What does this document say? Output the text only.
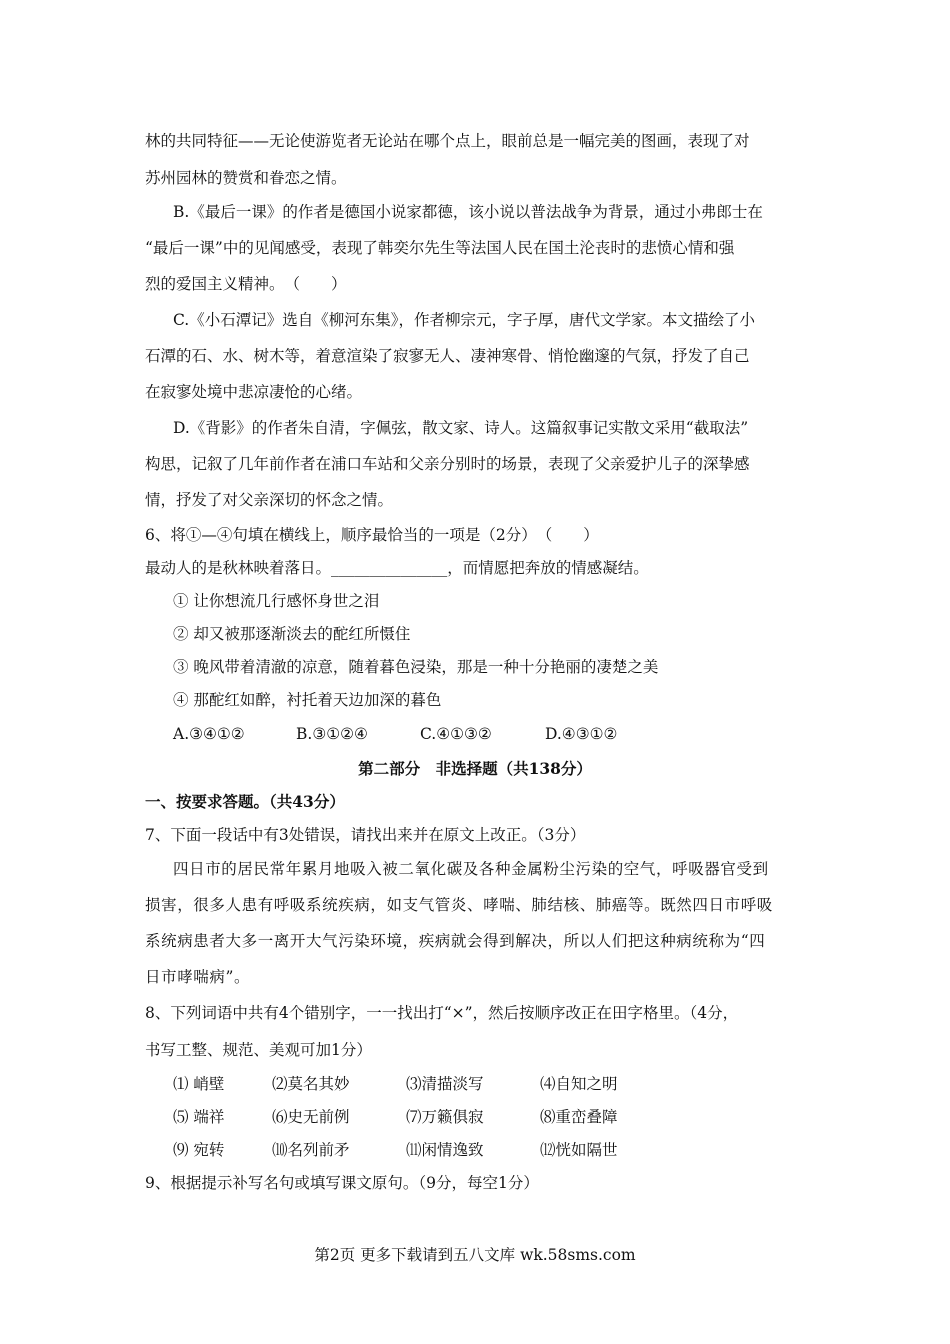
林的共同特征——无论使游览者无论站在哪个点上，眼前总是一幅完美的图画，表现了对
苏州园林的赞赏和眷恋之情。
B.《最后一课》的作者是德国小说家都德，该小说以普法战争为背景，通过小弗郎士在
“最后一课”中的见闻感受，表现了韩奕尔先生等法国人民在国土沦丧时的悲愤心情和强
烈的爱国主义精神。　（　　）
C.《小石潭记》选自《柳河东集》，作者柳宗元，字子厚，唐代文学家。本文描绘了小
石潭的石、水、树木等，着意渲染了寂寥无人、凄神寒骨、悄怆幽邃的气氛，抒发了自己
在寂寥处境中悲凉凄怆的心绪。
D.《背影》的作者朱自清，字佩弦，散文家、诗人。这篇叙事记实散文采用“截取法”
构思，记叙了几年前作者在浦口车站和父亲分别时的场景，表现了父亲爱护儿子的深挚感
情，抒发了对父亲深切的怀念之情。
6、将①—④句填在横线上，顺序最恰当的一项是（2分）　（　　）
最动人的是秋林映着落日。_______________，而情愿把奔放的情感凝结。
① 让你想流几行感怀身世之泪
② 却又被那逐渐淡去的酡红所慑住
③ 晚风带着清澈的凉意，随着暮色浸染，那是一种十分艳丽的凄楚之美
④ 那酡红如醉，衬托着天边加深的暮色
A.③④①②	B.③①②④	C.④①③②	D.④③①②
第二部分　非选择题（共138分）
一、按要求答题。（共43分）
7、下面一段话中有3处错误，请找出来并在原文上改正。（3分）
四日市的居民常年累月地吸入被二氧化碳及各种金属粉尘污染的空气，呼吸器官受到
损害，很多人患有呼吸系统疾病，如支气管炎、哮喘、肺结核、肺癌等。既然四日市呼吸
系统病患者大多一离开大气污染环境，疾病就会得到解决，所以人们把这种病统称为“四
日市哮喘病”。
8、下列词语中共有4个错别字，一一找出打“×”，然后按顺序改正在田字格里。（4分，
书写工整、规范、美观可加1分）
⑴ 峭壁	⑵莫名其妙	⑶清描淡写	⑷自知之明
⑸ 端祥	⑹史无前例	⑺万籁俱寂	⑻重峦叠障
⑼ 宛转	⑽名列前矛	⑾闲情逸致	⑿恍如隔世
9、根据提示补写名句或填写课文原句。（9分，每空1分）
第2页 更多下载请到五八文库 wk.58sms.com
